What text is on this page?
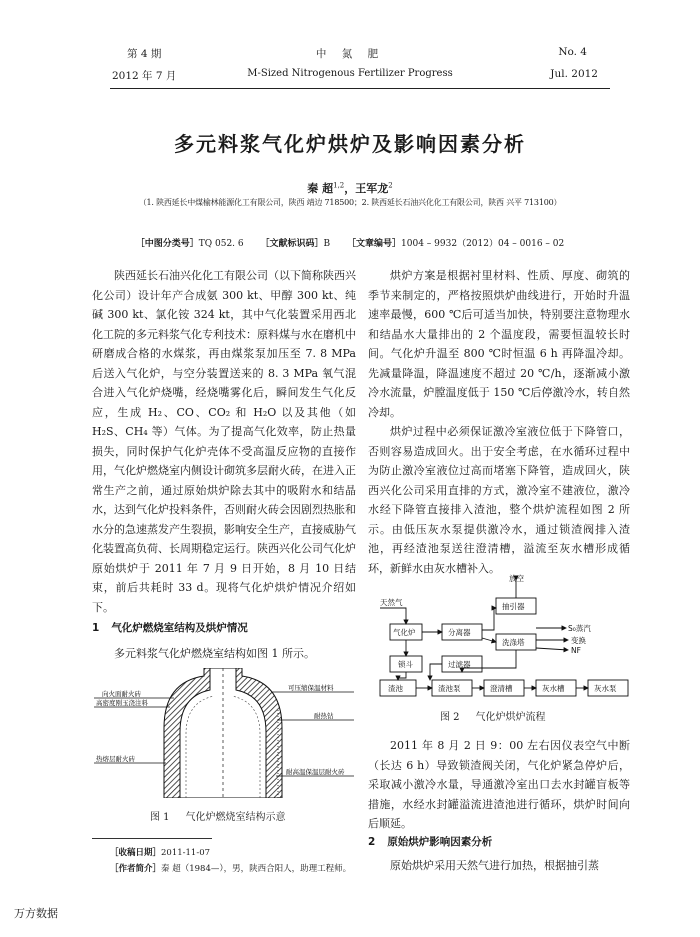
第 4 期
2012 年 7 月
中 氮 肥
M-Sized Nitrogenous Fertilizer Progress
No. 4
Jul. 2012
多元料浆气化炉烘炉及影响因素分析
秦 超$^{1,2}$，王军龙$^2$
（1. 陕西延长中煤榆林能源化工有限公司，陕西 靖边 718500；2. 陕西延长石油兴化化工有限公司，陕西 兴平 713100）
［中图分类号］TQ 052. 6 ［文献标识码］B ［文章编号］1004 – 9932（2012）04 – 0016 – 02

陕西延长石油兴化化工有限公司（以下简称陕西兴化公司）设计年产合成氨 300 kt、甲醇 300 kt、纯碱 300 kt、氯化铵 324 kt，其中气化装置采用西北化工院的多元料浆气化专利技术：原料煤与水在磨机中研磨成合格的水煤浆，再由煤浆泵加压至 7. 8 MPa 后送入气化炉，与空分装置送来的 8. 3 MPa 氧气混合进入气化炉烧嘴，经烧嘴雾化后，瞬间发生气化反应，生成 H₂、CO、CO₂ 和 H₂O 以及其他（如 H₂S、CH₄ 等）气体。为了提高气化效率，防止热量损失，同时保护气化炉壳体不受高温反应物的直接作用，气化炉燃烧室内侧设计砌筑多层耐火砖，在进入正常生产之前，通过原始烘炉除去其中的吸附水和结晶水，达到气化炉投料条件，否则耐火砖会因剧烈热胀和水分的急速蒸发产生裂损，影响安全生产，直接威胁气化装置高负荷、长周期稳定运行。陕西兴化公司气化炉原始烘炉于 2011 年 7 月 9 日开始，8 月 10 日结束，前后共耗时 33 d。现将气化炉烘炉情况介绍如下。

1 气化炉燃烧室结构及烘炉情况
多元料浆气化炉燃烧室结构如图 1 所示。
向火面耐火砖
高密度刚玉浇注料
热熔层耐火砖
可压缩保温材料
耐热钻
耐高温保温层耐火砖
图 1 气化炉燃烧室结构示意

烘炉方案是根据衬里材料、性质、厚度、砌筑的季节来制定的，严格按照烘炉曲线进行，开始时升温速率最慢，600 ℃后可适当加快，特别要注意物理水和结晶水大量排出的 2 个温度段，需要恒温较长时间。气化炉升温至 800 ℃时恒温 6 h 再降温冷却。先减量降温，降温速度不超过 20 ℃/h，逐渐减小激冷水流量，炉膛温度低于 150 ℃后停激冷水，转自然冷却。

烘炉过程中必须保证激冷室液位低于下降管口，否则容易造成回火。出于安全考虑，在水循环过程中为防止激冷室液位过高而堵塞下降管，造成回火，陕西兴化公司采用直排的方式，激冷室不建液位，激冷水经下降管直接排入渣池，整个烘炉流程如图 2 所示。由低压灰水泵提供激冷水，通过锁渣阀排入渣池，再经渣池泵送往澄清槽，溢流至灰水槽形成循环，新鲜水由灰水槽补入。

放空
天然气	抽引器
气化炉	分离器	S₀蒸汽
变换
洗涤塔
NF
锁斗	过滤器
渣池	渣池泵	澄清槽	灰水槽	灰水泵
图 2 气化炉烘炉流程

2011 年 8 月 2 日 9：00 左右因仪表空气中断（长达 6 h）导致锁渣阀关闭，气化炉紧急停炉后，采取减小激冷水量，导通激冷室出口去水封罐盲板等措施，水经水封罐溢流进渣池进行循环，烘炉时间向后顺延。

2 原始烘炉影响因素分析

原始烘炉采用天然气进行加热，根据抽引蒸

［收稿日期］2011-11-07
［作者简介］秦 超（1984—），男，陕西合阳人，助理工程师。
万方数据
